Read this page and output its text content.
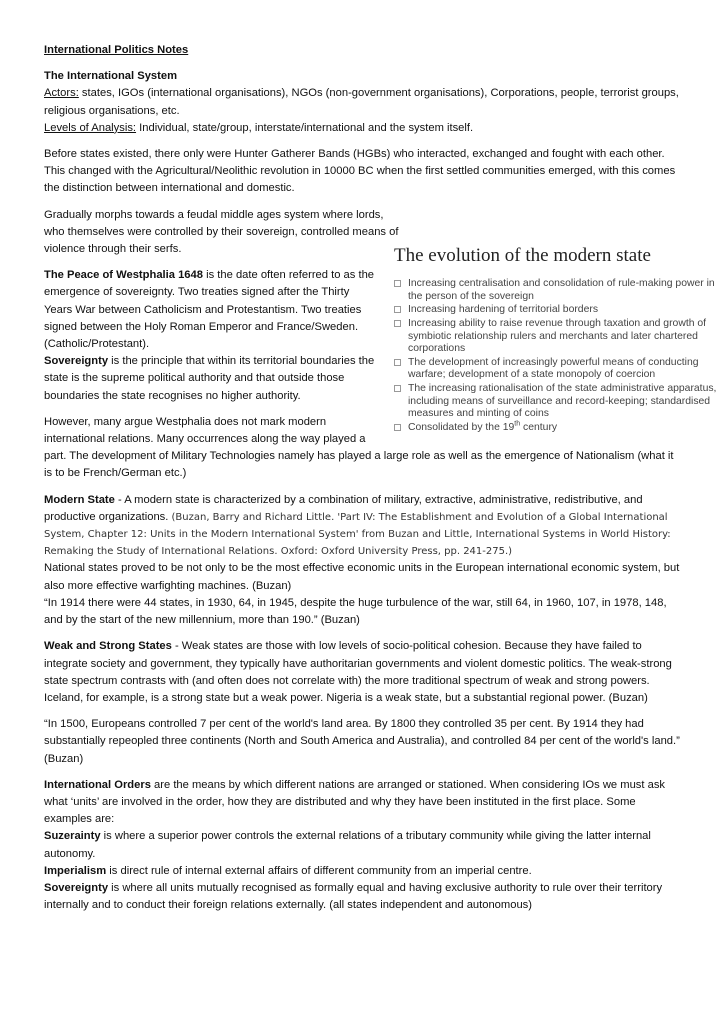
International Politics Notes

The International System

Actors: states, IGOs (international organisations), NGOs (non-government organisations), Corporations, people, terrorist groups, religious organisations, etc.

Levels of Analysis: Individual, state/group, interstate/international and the system itself.

Before states existed, there only were Hunter Gatherer Bands (HGBs) who interacted, exchanged and fought with each other. This changed with the Agricultural/Neolithic revolution in 10000 BC when the first settled communities emerged, with this comes the distinction between international and domestic.

Gradually morphs towards a feudal middle ages system where lords, who themselves were controlled by their sovereign, controlled means of violence through their serfs.	The evolution of the modern state

Increasing centralisation and consolidation of rule-making power in the person of the sovereign
Increasing hardening of territorial borders
Increasing ability to raise revenue through taxation and growth of symbiotic relationship rulers and merchants and later chartered corporations
The development of increasingly powerful means of conducting warfare; development of a state monopoly of coercion
The increasing rationalisation of the state administrative apparatus, including means of surveillance and record-keeping; standardised measures and minting of coins
Consolidated by the 19th century

The Peace of Westphalia 1648 is the date often referred to as the emergence of sovereignty. Two treaties signed after the Thirty Years War between Catholicism and Protestantism. Two treaties signed between the Holy Roman Emperor and France/Sweden. (Catholic/Protestant).

Sovereignty is the principle that within its territorial boundaries the state is the supreme political authority and that outside those boundaries the state recognises no higher authority.

However, many argue Westphalia does not mark modern international relations. Many occurrences along the way played a part. The development of Military Technologies namely has played a large role as well as the emergence of Nationalism (what it is to be French/German etc.)

Modern State - A modern state is characterized by a combination of military, extractive, administrative, redistributive, and productive organizations. (Buzan, Barry and Richard Little. 'Part IV: The Establishment and Evolution of a Global International System, Chapter 12: Units in the Modern International System' from Buzan and Little, International Systems in World History: Remaking the Study of International Relations. Oxford: Oxford University Press, pp. 241-275.)

National states proved to be not only to be the most effective economic units in the European international economic system, but also more effective warfighting machines. (Buzan)

“In 1914 there were 44 states, in 1930, 64, in 1945, despite the huge turbulence of the war, still 64, in 1960, 107, in 1978, 148, and by the start of the new millennium, more than 190.” (Buzan)

Weak and Strong States - Weak states are those with low levels of socio-political cohesion. Because they have failed to integrate society and government, they typically have authoritarian governments and violent domestic politics. The weak-strong state spectrum contrasts with (and often does not correlate with) the more traditional spectrum of weak and strong powers. Iceland, for example, is a strong state but a weak power. Nigeria is a weak state, but a substantial regional power. (Buzan)

“In 1500, Europeans controlled 7 per cent of the world's land area. By 1800 they controlled 35 per cent. By 1914 they had substantially repeopled three continents (North and South America and Australia), and controlled 84 per cent of the world's land.” (Buzan)

International Orders are the means by which different nations are arranged or stationed. When considering IOs we must ask what ‘units’ are involved in the order, how they are distributed and why they have been instituted in the first place. Some examples are:

Suzerainty is where a superior power controls the external relations of a tributary community while giving the latter internal autonomy.

Imperialism is direct rule of internal external affairs of different community from an imperial centre.

Sovereignty is where all units mutually recognised as formally equal and having exclusive authority to rule over their territory internally and to conduct their foreign relations externally. (all states independent and autonomous)
